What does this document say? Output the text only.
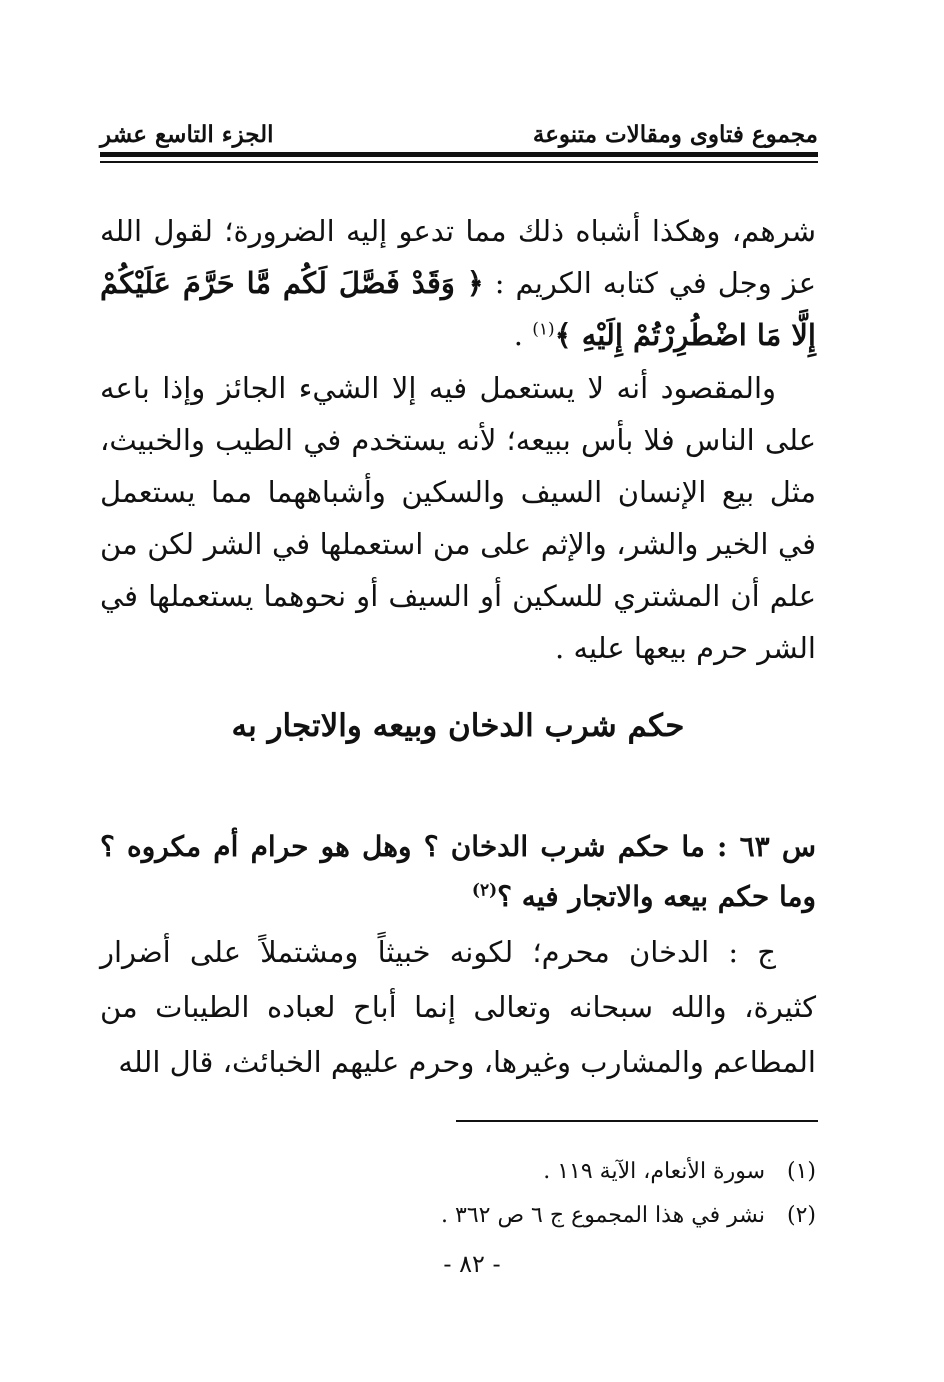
مجموع فتاوى ومقالات متنوعة
الجزء التاسع عشر

شرهم، وهكذا أشباه ذلك مما تدعو إليه الضرورة؛ لقول الله عز وجل في كتابه الكريم : ﴿ وَقَدْ فَصَّلَ لَكُم مَّا حَرَّمَ عَلَيْكُمْ إِلَّا مَا اضْطُرِرْتُمْ إِلَيْهِ ﴾$^{(١)}$ .

والمقصود أنه لا يستعمل فيه إلا الشيء الجائز وإذا باعه على الناس فلا بأس ببيعه؛ لأنه يستخدم في الطيب والخبيث، مثل بيع الإنسان السيف والسكين وأشباههما مما يستعمل في الخير والشر، والإثم على من استعملها في الشر لكن من علم أن المشتري للسكين أو السيف أو نحوهما يستعملها في الشر حرم بيعها عليه .

حكم شرب الدخان وبيعه والاتجار به
س ٦٣ : ما حكم شرب الدخان ؟ وهل هو حرام أم مكروه ؟ وما حكم بيعه والاتجار فيه ؟$^{(٢)}$
ج : الدخان محرم؛ لكونه خبيثاً ومشتملاً على أضرار كثيرة، والله سبحانه وتعالى إنما أباح لعباده الطيبات من المطاعم والمشارب وغيرها، وحرم عليهم الخبائث، قال الله
(١) سورة الأنعام، الآية ١١٩ .
(٢) نشر في هذا المجموع ج ٦ ص ٣٦٢ .
- ٨٢ -
